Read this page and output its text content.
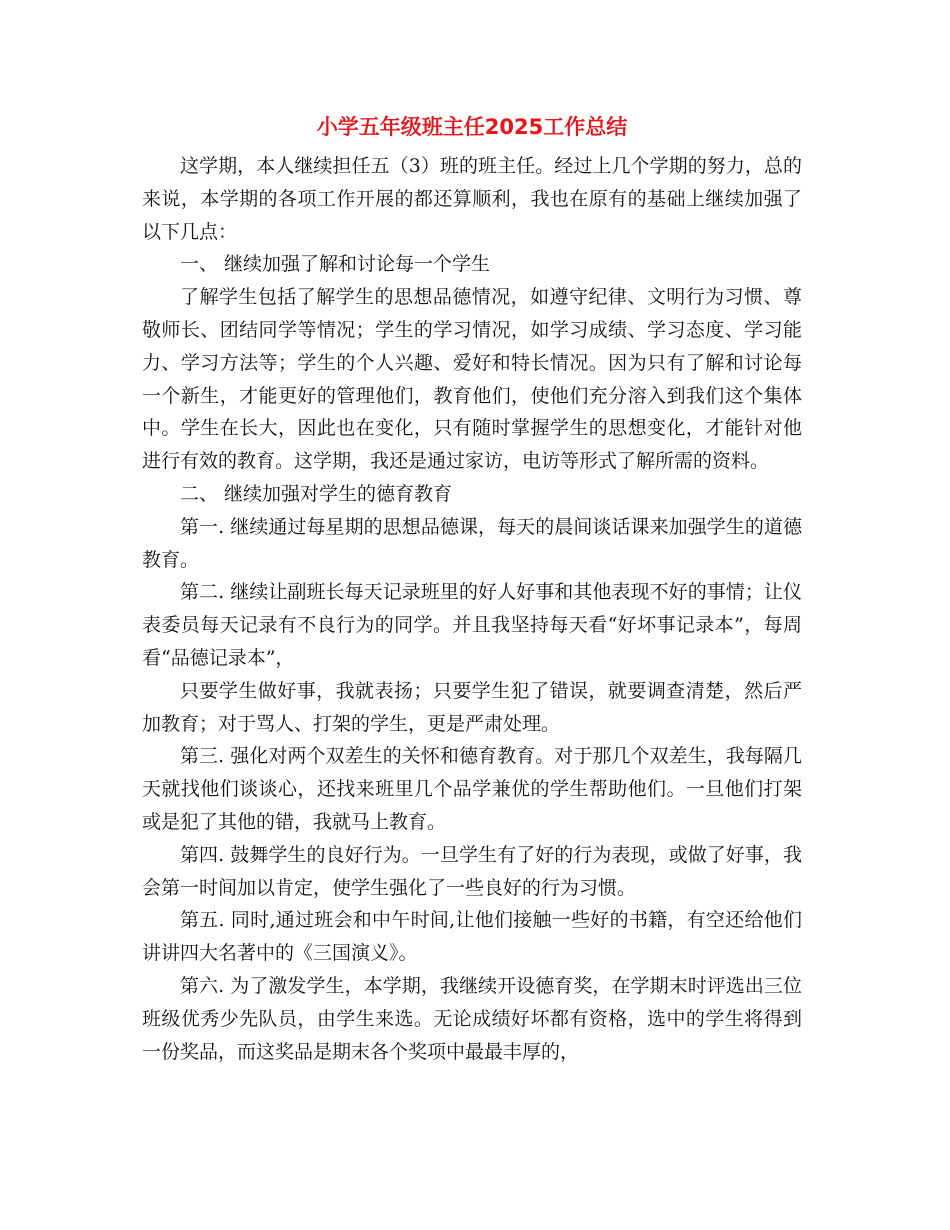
小学五年级班主任2025工作总结

这学期，本人继续担任五（3）班的班主任。经过上几个学期的努力，总的来说，本学期的各项工作开展的都还算顺利，我也在原有的基础上继续加强了以下几点：

一、 继续加强了解和讨论每一个学生

了解学生包括了解学生的思想品德情况，如遵守纪律、文明行为习惯、尊敬师长、团结同学等情况；学生的学习情况，如学习成绩、学习态度、学习能力、学习方法等；学生的个人兴趣、爱好和特长情况。因为只有了解和讨论每一个新生，才能更好的管理他们，教育他们，使他们充分溶入到我们这个集体中。学生在长大，因此也在变化，只有随时掌握学生的思想变化，才能针对他进行有效的教育。这学期，我还是通过家访，电访等形式了解所需的资料。

二、 继续加强对学生的德育教育

第一. 继续通过每星期的思想品德课，每天的晨间谈话课来加强学生的道德教育。

第二. 继续让副班长每天记录班里的好人好事和其他表现不好的事情；让仪表委员每天记录有不良行为的同学。并且我坚持每天看“好坏事记录本”，每周看“品德记录本”，

只要学生做好事，我就表扬；只要学生犯了错误，就要调查清楚，然后严加教育；对于骂人、打架的学生，更是严肃处理。

第三. 强化对两个双差生的关怀和德育教育。对于那几个双差生，我每隔几天就找他们谈谈心，还找来班里几个品学兼优的学生帮助他们。一旦他们打架或是犯了其他的错，我就马上教育。

第四. 鼓舞学生的良好行为。一旦学生有了好的行为表现，或做了好事，我会第一时间加以肯定，使学生强化了一些良好的行为习惯。

第五. 同时,通过班会和中午时间,让他们接触一些好的书籍，有空还给他们讲讲四大名著中的《三国演义》。

第六. 为了激发学生，本学期，我继续开设德育奖，在学期末时评选出三位班级优秀少先队员，由学生来选。无论成绩好坏都有资格，选中的学生将得到一份奖品，而这奖品是期末各个奖项中最最丰厚的，
